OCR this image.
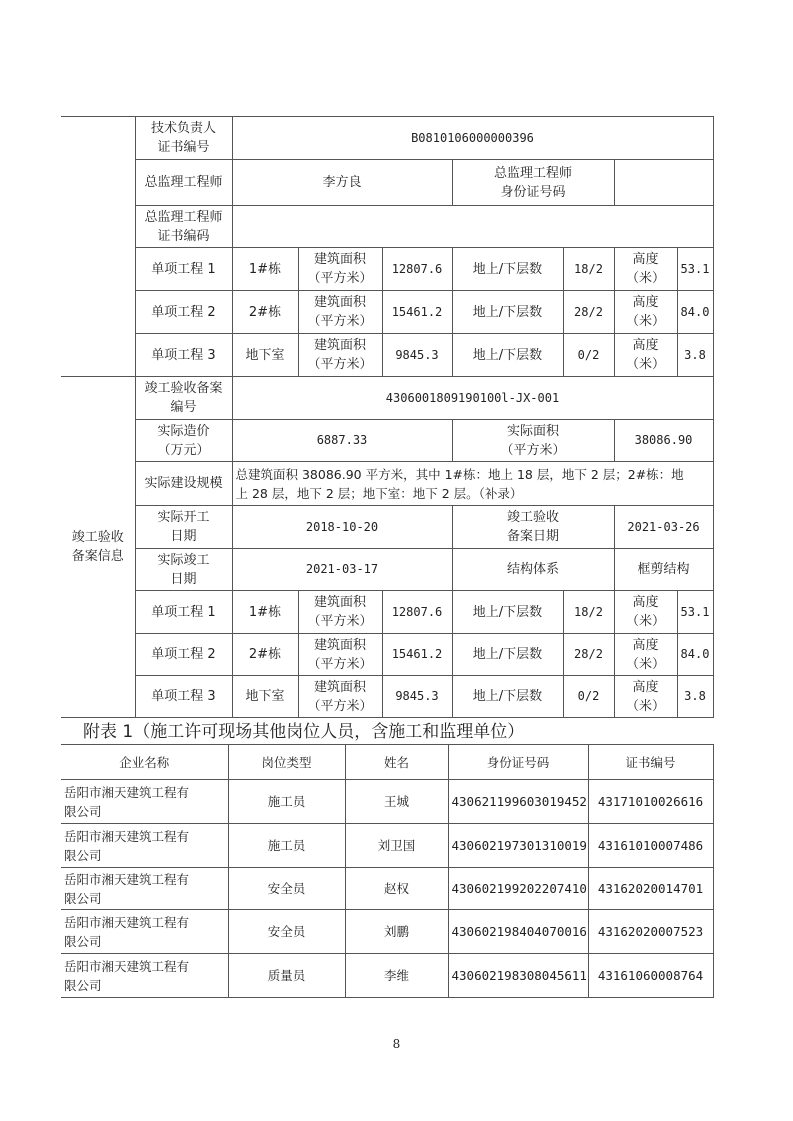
	技术负责人
证书编号	B0810106000000396						
	总监理工程师	李方良			总监理工程师
身份证号码			
	总监理工程师
证书编码							
	单项工程 1	1#栋	建筑面积
（平方米）	12807.6	地上/下层数	18/2	高度
（米）	53.1
	单项工程 2	2#栋	建筑面积
（平方米）	15461.2	地上/下层数	28/2	高度
（米）	84.0
	单项工程 3	地下室	建筑面积
（平方米）	9845.3	地上/下层数	0/2	高度
（米）	3.8
竣工验收
备案信息	竣工验收备案
编号	4306001809190100l-JX-001						
	实际造价
（万元）	6887.33			实际面积
（平方米）		38086.90	
	实际建设规模	总建筑面积 38086.90 平方米，其中 1#栋：地上 18 层，地下 2 层；2#栋：地
上 28 层，地下 2 层；地下室：地下 2 层。（补录）						
	实际开工
日期	2018-10-20			竣工验收
备案日期		2021-03-26	
	实际竣工
日期	2021-03-17			结构体系		框剪结构	
	单项工程 1	1#栋	建筑面积
（平方米）	12807.6	地上/下层数	18/2	高度
（米）	53.1
	单项工程 2	2#栋	建筑面积
（平方米）	15461.2	地上/下层数	28/2	高度
（米）	84.0
	单项工程 3	地下室	建筑面积
（平方米）	9845.3	地上/下层数	0/2	高度
（米）	3.8
附表 1（施工许可现场其他岗位人员，含施工和监理单位）
企业名称	岗位类型	姓名	身份证号码	证书编号
岳阳市湘天建筑工程有
限公司	施工员	王城	430621199603019452	43171010026616
岳阳市湘天建筑工程有
限公司	施工员	刘卫国	430602197301310019	43161010007486
岳阳市湘天建筑工程有
限公司	安全员	赵权	430602199202207410	43162020014701
岳阳市湘天建筑工程有
限公司	安全员	刘鹏	430602198404070016	43162020007523
岳阳市湘天建筑工程有
限公司	质量员	李维	430602198308045611	43161060008764
8
